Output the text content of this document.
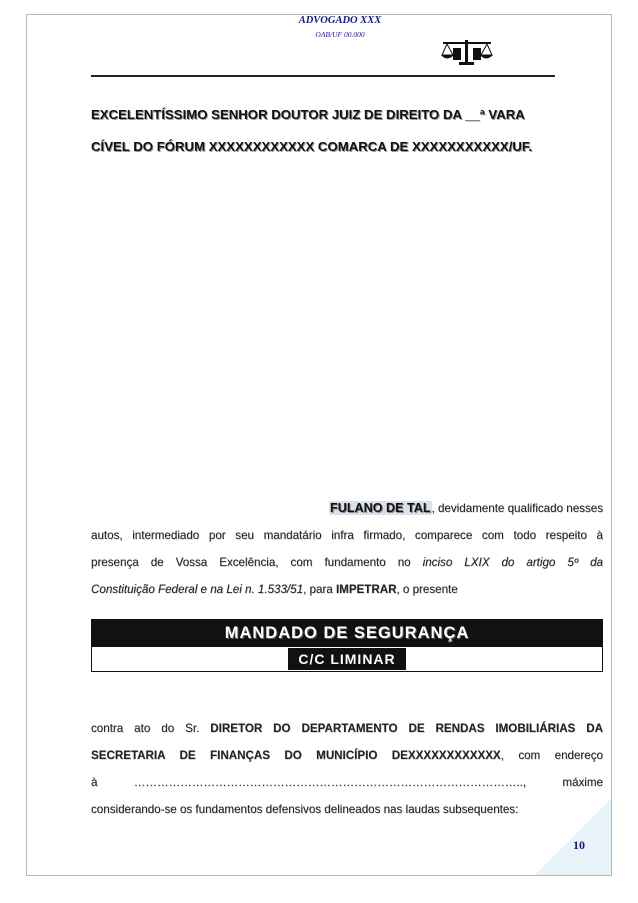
ADVOGADO XXX
OAB/UF 00.000
EXCELENTÍSSIMO SENHOR DOUTOR JUIZ DE DIREITO DA __ª VARA
CÍVEL DO FÓRUM XXXXXXXXXXXX COMARCA DE XXXXXXXXXXX/UF.
FULANO DE TAL, devidamente qualificado nesses
autos, intermediado por seu mandatário infra firmado, comparece com todo respeito à
presença de Vossa Excelência, com fundamento no inciso LXIX do artigo 5º da
Constituição Federal e na Lei n. 1.533/51, para IMPETRAR, o presente
MANDADO DE SEGURANÇA
C/C LIMINAR
contra ato do Sr. DIRETOR DO DEPARTAMENTO DE RENDAS IMOBILIÁRIAS DA
SECRETARIA DE FINANÇAS DO MUNICÍPIO DEXXXXXXXXXXXX, com endereço
à	………………………………………………………………………………………..,	máxime
considerando-se os fundamentos defensivos delineados nas laudas subsequentes:
10
